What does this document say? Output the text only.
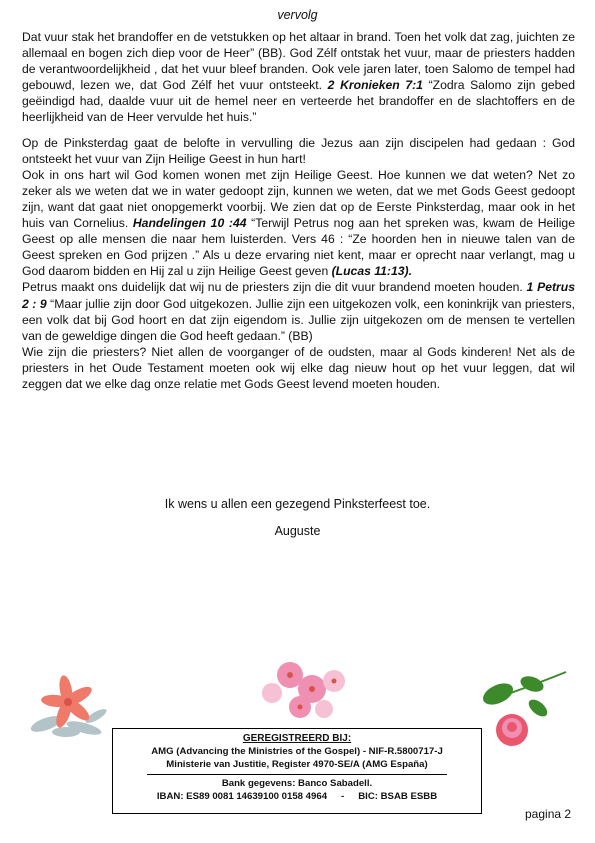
vervolg

Dat vuur stak het brandoffer en de vetstukken op het altaar in brand. Toen het volk dat zag, juichten ze allemaal en bogen zich diep voor de Heer” (BB). God Zélf ontstak het vuur, maar de priesters hadden de verantwoordelijkheid , dat het vuur bleef branden. Ook vele jaren later, toen Salomo de tempel had gebouwd, lezen we, dat God Zélf het vuur ontsteekt. 2 Kronieken 7:1 “Zodra Salomo zijn gebed geëindigd had, daalde vuur uit de hemel neer en verteerde het brandoffer en de slachtoffers en de heerlijkheid van de Heer vervulde het huis.”

Op de Pinksterdag gaat de belofte in vervulling die Jezus aan zijn discipelen had gedaan : God ontsteekt het vuur van Zijn Heilige Geest in hun hart!

Ook in ons hart wil God komen wonen met zijn Heilige Geest. Hoe kunnen we dat weten? Net zo zeker als we weten dat we in water gedoopt zijn, kunnen we weten, dat we met Gods Geest gedoopt zijn, want dat gaat niet onopgemerkt voorbij. We zien dat op de Eerste Pinksterdag, maar ook in het huis van Cornelius. Handelingen 10 :44 “Terwijl Petrus nog aan het spreken was, kwam de Heilige Geest op alle mensen die naar hem luisterden. Vers 46 : “Ze hoorden hen in nieuwe talen van de Geest spreken en God prijzen .” Als u deze ervaring niet kent, maar er oprecht naar verlangt, mag u God daarom bidden en Hij zal u zijn Heilige Geest geven (Lucas 11:13).

Petrus maakt ons duidelijk dat wij nu de priesters zijn die dit vuur brandend moeten houden. 1 Petrus 2 : 9 “Maar jullie zijn door God uitgekozen. Jullie zijn een uitgekozen volk, een koninkrijk van priesters, een volk dat bij God hoort en dat zijn eigendom is. Jullie zijn uitgekozen om de mensen te vertellen van de geweldige dingen die God heeft gedaan.” (BB)

Wie zijn die priesters? Niet allen de voorganger of de oudsten, maar al Gods kinderen! Net als de priesters in het Oude Testament moeten ook wij elke dag nieuw hout op het vuur leggen, dat wil zeggen dat we elke dag onze relatie met Gods Geest levend moeten houden.

Ik wens u allen een gezegend Pinksterfeest toe.
Auguste
GEREGISTREERD BIJ:
AMG (Advancing the Ministries of the Gospel) - NIF-R.5800717-J
Ministerie van Justitie, Register 4970-SE/A (AMG España)
Bank gegevens: Banco Sabadell.
IBAN: ES89 0081 14639100 0158 4964 - BIC: BSAB ESBB
pagina 2
